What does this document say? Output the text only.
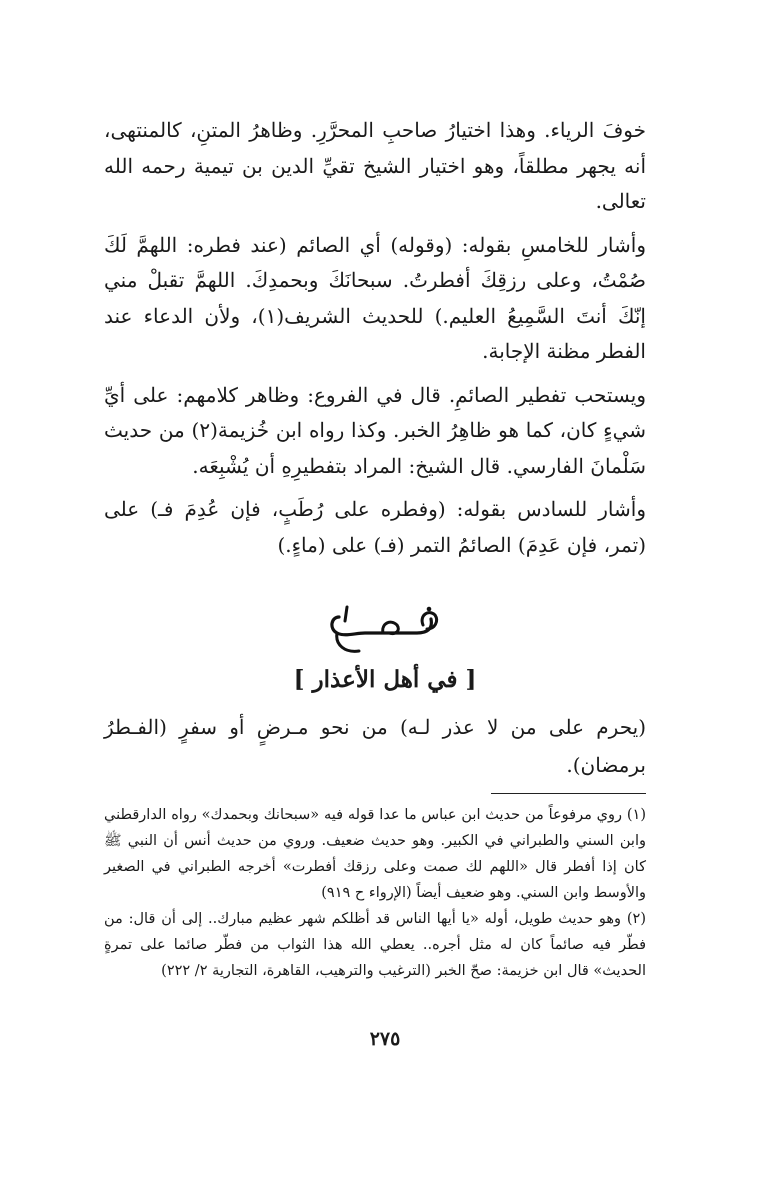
خوفَ الرياء. وهذا اختيارُ صاحبِ المحرَّرِ. وظاهرُ المتنِ، كالمنتهى، أنه يجهر مطلقاً، وهو اختيار الشيخ تقيِّ الدين بن تيمية رحمه الله تعالى.

وأشار للخامسِ بقوله: (وقوله) أي الصائم (عند فطره: اللهمَّ لَكَ صُمْتُ، وعلى رزقِكَ أفطرتُ. سبحانَكَ وبحمدِكَ. اللهمَّ تقبلْ مني إنّكَ أنتَ السَّمِيعُ العليم.) للحديث الشريف(١)، ولأن الدعاء عند الفطر مظنة الإجابة.

ويستحب تفطير الصائمِ. قال في الفروع: وظاهر كلامهم: على أيِّ شيءٍ كان، كما هو ظاهِرُ الخبر. وكذا رواه ابن خُزيمة(٢) من حديث سَلْمانَ الفارسي. قال الشيخ: المراد بتفطيرِهِ أن يُشْبِعَه.

وأشار للسادس بقوله: (وفطره على رُطَبٍ، فإن عُدِمَ فـ) على (تمر، فإن عَدِمَ) الصائمُ التمر (فـ) على (ماءٍ.)

[ في أهل الأعذار ]

(يحرم على من لا عذر لـه) من نحو مـرضٍ أو سفرٍ (الفـطرُ برمضان).

(١) روي مرفوعاً من حديث ابن عباس ما عدا قوله فيه «سبحانك وبحمدك» رواه الدارقطني وابن السني والطبراني في الكبير. وهو حديث ضعيف. وروي من حديث أنس أن النبي ﷺ كان إذا أفطر قال «اللهم لك صمت وعلى رزقك أفطرت» أخرجه الطبراني في الصغير والأوسط وابن السني. وهو ضعيف أيضاً (الإرواء ح ٩١٩)

(٢) وهو حديث طويل، أوله «يا أيها الناس قد أظلكم شهر عظيم مبارك.. إلى أن قال: من فطّر فيه صائماً كان له مثل أجره.. يعطي الله هذا الثواب من فطّر صائما على تمرةٍ الحديث» قال ابن خزيمة: صحّ الخبر (الترغيب والترهيب، القاهرة، التجارية ٢/ ٢٢٢)

٢٧٥
